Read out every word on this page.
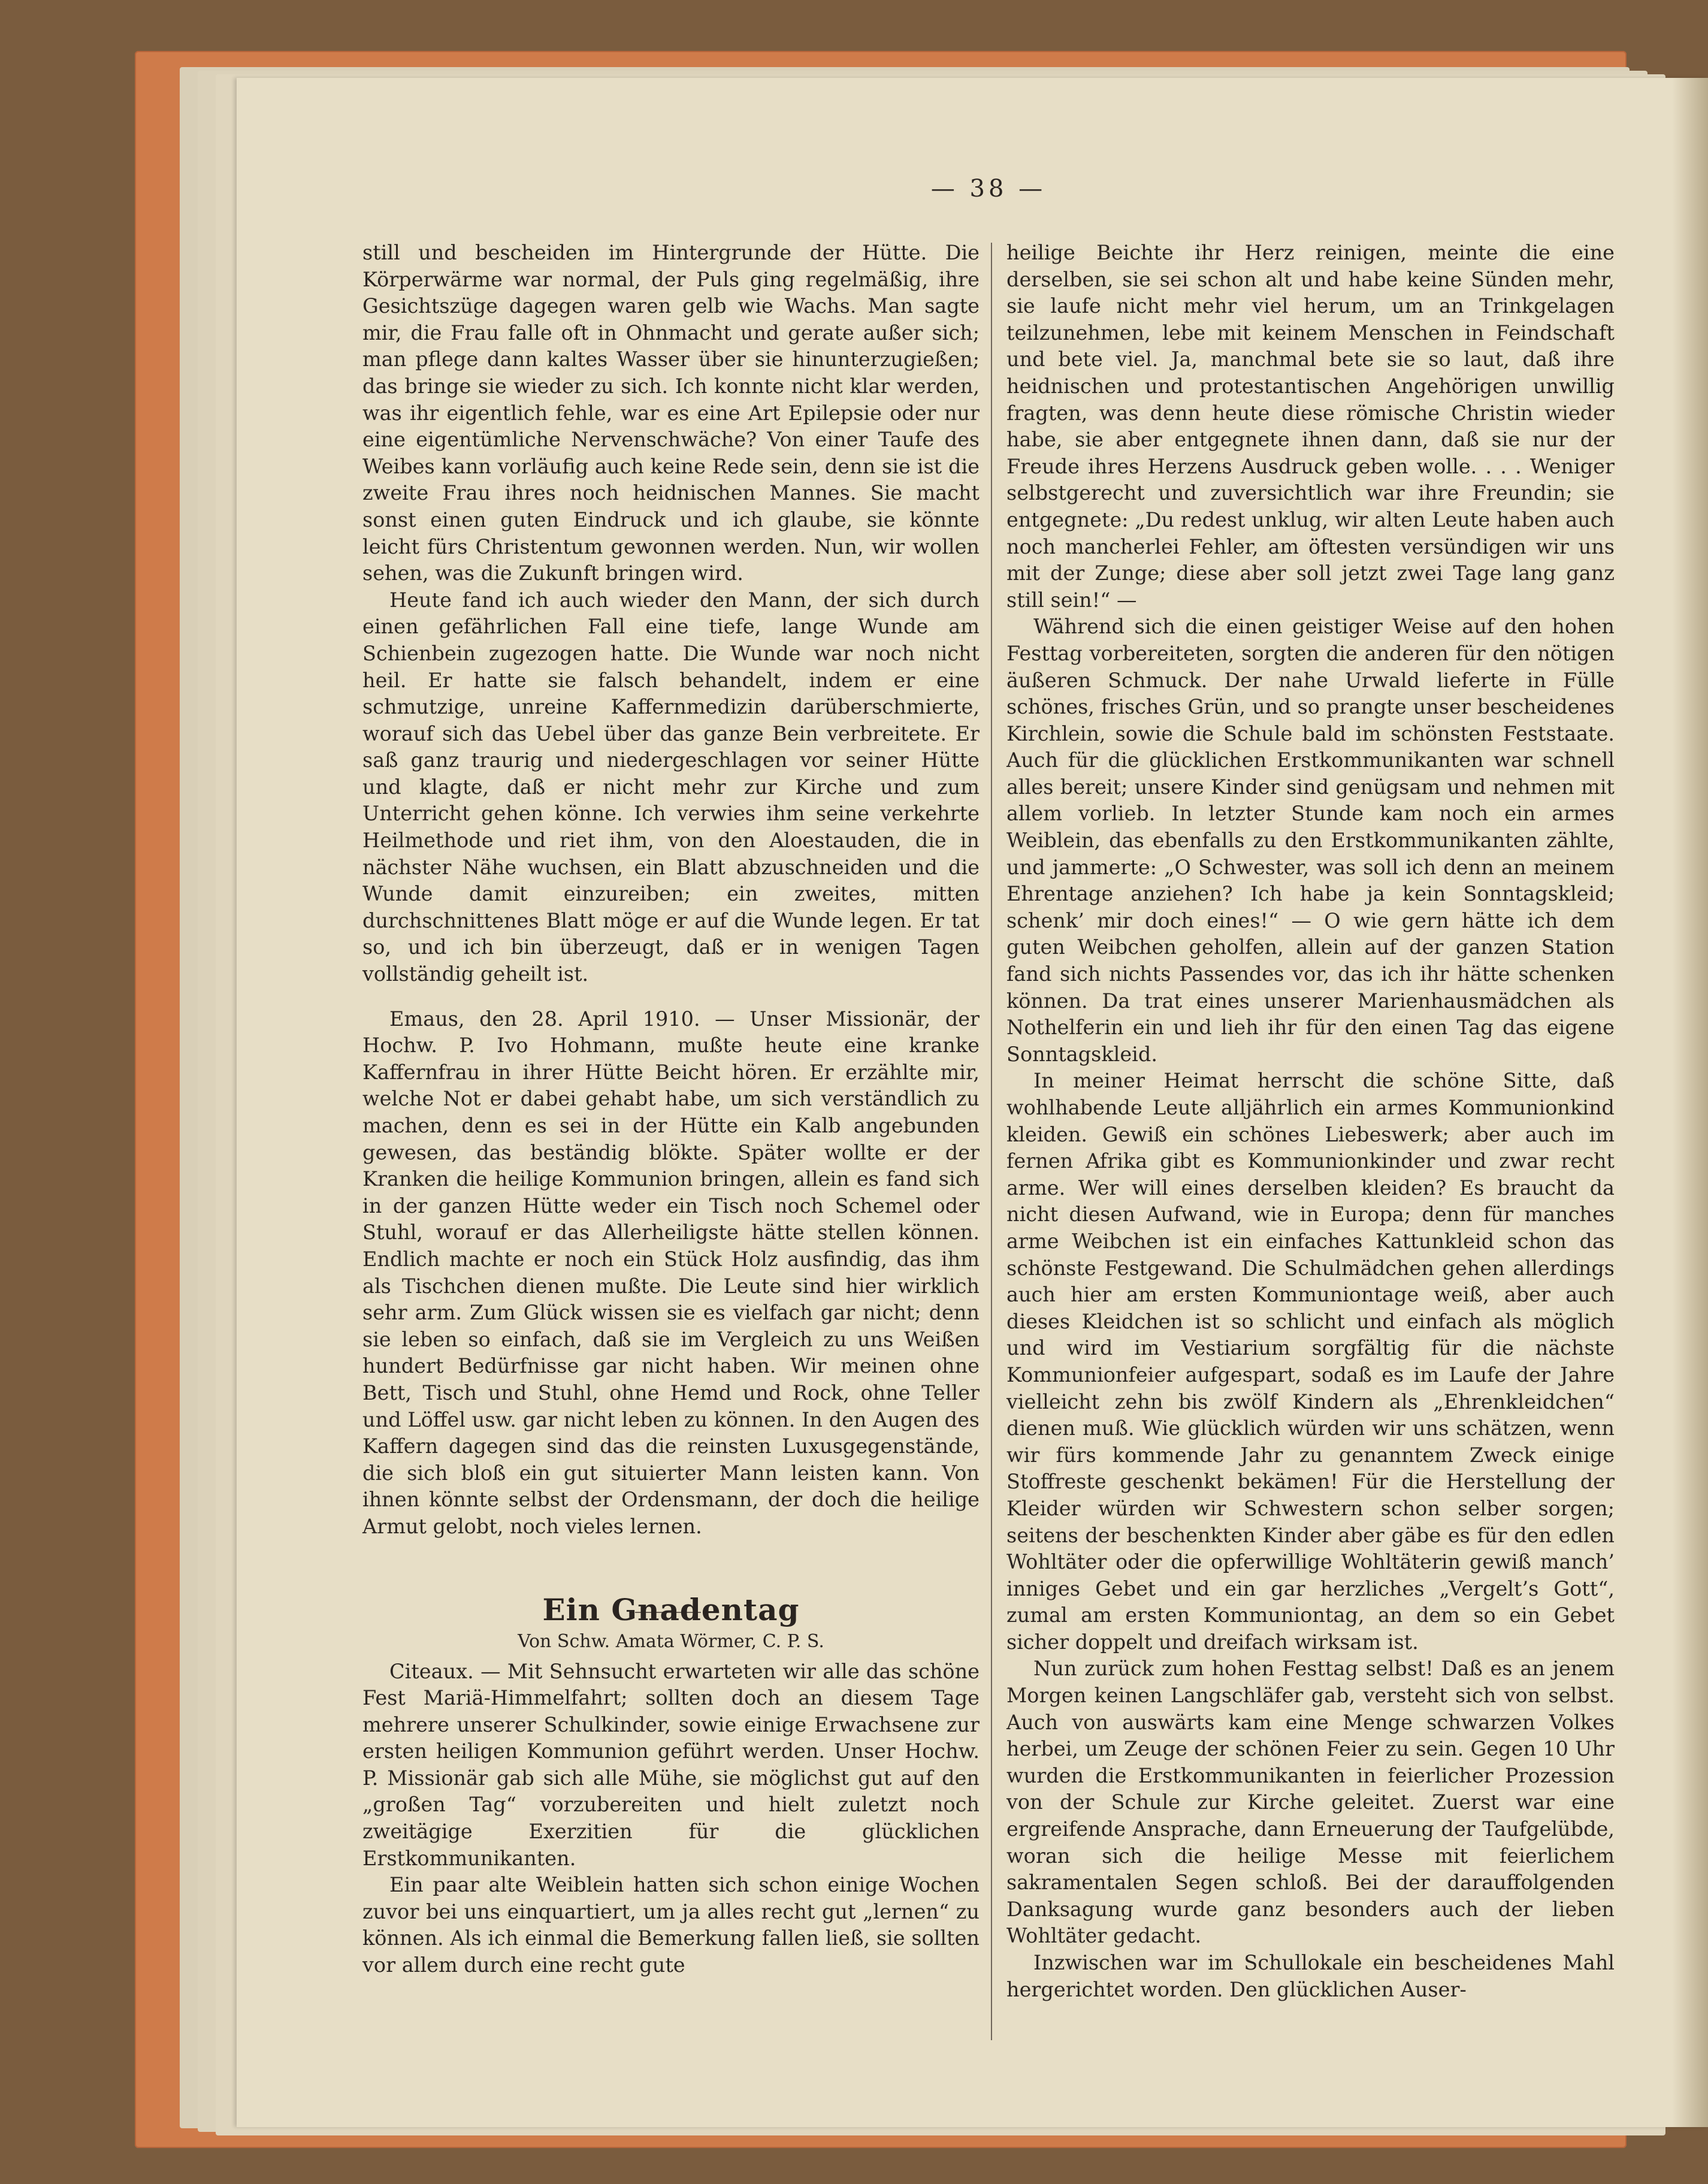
— 38 —

still und bescheiden im Hintergrunde der Hütte. Die Körperwärme war normal, der Puls ging regelmäßig, ihre Gesichtszüge dagegen waren gelb wie Wachs. Man sagte mir, die Frau falle oft in Ohnmacht und gerate außer sich; man pflege dann kaltes Wasser über sie hinunterzugießen; das bringe sie wieder zu sich. Ich konnte nicht klar werden, was ihr eigentlich fehle, war es eine Art Epilepsie oder nur eine eigentümliche Nervenschwäche? Von einer Taufe des Weibes kann vorläufig auch keine Rede sein, denn sie ist die zweite Frau ihres noch heidnischen Mannes. Sie macht sonst einen guten Eindruck und ich glaube, sie könnte leicht fürs Christentum gewonnen werden. Nun, wir wollen sehen, was die Zukunft bringen wird.

Heute fand ich auch wieder den Mann, der sich durch einen gefährlichen Fall eine tiefe, lange Wunde am Schienbein zugezogen hatte. Die Wunde war noch nicht heil. Er hatte sie falsch behandelt, indem er eine schmutzige, unreine Kaffernmedizin darüberschmierte, worauf sich das Uebel über das ganze Bein verbreitete. Er saß ganz traurig und niedergeschlagen vor seiner Hütte und klagte, daß er nicht mehr zur Kirche und zum Unterricht gehen könne. Ich verwies ihm seine verkehrte Heilmethode und riet ihm, von den Aloestauden, die in nächster Nähe wuchsen, ein Blatt abzuschneiden und die Wunde damit einzureiben; ein zweites, mitten durchschnittenes Blatt möge er auf die Wunde legen. Er tat so, und ich bin überzeugt, daß er in wenigen Tagen vollständig geheilt ist.

Emaus, den 28. April 1910. — Unser Missionär, der Hochw. P. Ivo Hohmann, mußte heute eine kranke Kaffernfrau in ihrer Hütte Beicht hören. Er erzählte mir, welche Not er dabei gehabt habe, um sich verständlich zu machen, denn es sei in der Hütte ein Kalb angebunden gewesen, das beständig blökte. Später wollte er der Kranken die heilige Kommunion bringen, allein es fand sich in der ganzen Hütte weder ein Tisch noch Schemel oder Stuhl, worauf er das Allerheiligste hätte stellen können. Endlich machte er noch ein Stück Holz ausfindig, das ihm als Tischchen dienen mußte. Die Leute sind hier wirklich sehr arm. Zum Glück wissen sie es vielfach gar nicht; denn sie leben so einfach, daß sie im Vergleich zu uns Weißen hundert Bedürfnisse gar nicht haben. Wir meinen ohne Bett, Tisch und Stuhl, ohne Hemd und Rock, ohne Teller und Löffel usw. gar nicht leben zu können. In den Augen des Kaffern dagegen sind das die reinsten Luxusgegenstände, die sich bloß ein gut situierter Mann leisten kann. Von ihnen könnte selbst der Ordensmann, der doch die heilige Armut gelobt, noch vieles lernen.

Ein Gnadentag
Von Schw. Amata Wörmer, C. P. S.

Citeaux. — Mit Sehnsucht erwarteten wir alle das schöne Fest Mariä-Himmelfahrt; sollten doch an diesem Tage mehrere unserer Schulkinder, sowie einige Erwachsene zur ersten heiligen Kommunion geführt werden. Unser Hochw. P. Missionär gab sich alle Mühe, sie möglichst gut auf den „großen Tag“ vorzubereiten und hielt zuletzt noch zweitägige Exerzitien für die glücklichen Erstkommunikanten.

Ein paar alte Weiblein hatten sich schon einige Wochen zuvor bei uns einquartiert, um ja alles recht gut „lernen“ zu können. Als ich einmal die Bemerkung fallen ließ, sie sollten vor allem durch eine recht gute

heilige Beichte ihr Herz reinigen, meinte die eine derselben, sie sei schon alt und habe keine Sünden mehr, sie laufe nicht mehr viel herum, um an Trinkgelagen teilzunehmen, lebe mit keinem Menschen in Feindschaft und bete viel. Ja, manchmal bete sie so laut, daß ihre heidnischen und protestantischen Angehörigen unwillig fragten, was denn heute diese römische Christin wieder habe, sie aber entgegnete ihnen dann, daß sie nur der Freude ihres Herzens Ausdruck geben wolle. . . . Weniger selbstgerecht und zuversichtlich war ihre Freundin; sie entgegnete: „Du redest unklug, wir alten Leute haben auch noch mancherlei Fehler, am öftesten versündigen wir uns mit der Zunge; diese aber soll jetzt zwei Tage lang ganz still sein!“ —

Während sich die einen geistiger Weise auf den hohen Festtag vorbereiteten, sorgten die anderen für den nötigen äußeren Schmuck. Der nahe Urwald lieferte in Fülle schönes, frisches Grün, und so prangte unser bescheidenes Kirchlein, sowie die Schule bald im schönsten Feststaate. Auch für die glücklichen Erstkommunikanten war schnell alles bereit; unsere Kinder sind genügsam und nehmen mit allem vorlieb. In letzter Stunde kam noch ein armes Weiblein, das ebenfalls zu den Erstkommunikanten zählte, und jammerte: „O Schwester, was soll ich denn an meinem Ehrentage anziehen? Ich habe ja kein Sonntagskleid; schenk’ mir doch eines!“ — O wie gern hätte ich dem guten Weibchen geholfen, allein auf der ganzen Station fand sich nichts Passendes vor, das ich ihr hätte schenken können. Da trat eines unserer Marienhausmädchen als Nothelferin ein und lieh ihr für den einen Tag das eigene Sonntagskleid.

In meiner Heimat herrscht die schöne Sitte, daß wohlhabende Leute alljährlich ein armes Kommunionkind kleiden. Gewiß ein schönes Liebeswerk; aber auch im fernen Afrika gibt es Kommunionkinder und zwar recht arme. Wer will eines derselben kleiden? Es braucht da nicht diesen Aufwand, wie in Europa; denn für manches arme Weibchen ist ein einfaches Kattunkleid schon das schönste Festgewand. Die Schulmädchen gehen allerdings auch hier am ersten Kommuniontage weiß, aber auch dieses Kleidchen ist so schlicht und einfach als möglich und wird im Vestiarium sorgfältig für die nächste Kommunionfeier aufgespart, sodaß es im Laufe der Jahre vielleicht zehn bis zwölf Kindern als „Ehrenkleidchen“ dienen muß. Wie glücklich würden wir uns schätzen, wenn wir fürs kommende Jahr zu genanntem Zweck einige Stoffreste geschenkt bekämen! Für die Herstellung der Kleider würden wir Schwestern schon selber sorgen; seitens der beschenkten Kinder aber gäbe es für den edlen Wohltäter oder die opferwillige Wohltäterin gewiß manch’ inniges Gebet und ein gar herzliches „Vergelt’s Gott“, zumal am ersten Kommuniontag, an dem so ein Gebet sicher doppelt und dreifach wirksam ist.

Nun zurück zum hohen Festtag selbst! Daß es an jenem Morgen keinen Langschläfer gab, versteht sich von selbst. Auch von auswärts kam eine Menge schwarzen Volkes herbei, um Zeuge der schönen Feier zu sein. Gegen 10 Uhr wurden die Erstkommunikanten in feierlicher Prozession von der Schule zur Kirche geleitet. Zuerst war eine ergreifende Ansprache, dann Erneuerung der Taufgelübde, woran sich die heilige Messe mit feierlichem sakramentalen Segen schloß. Bei der darauffolgenden Danksagung wurde ganz besonders auch der lieben Wohltäter gedacht.

Inzwischen war im Schullokale ein bescheidenes Mahl hergerichtet worden. Den glücklichen Auser-
